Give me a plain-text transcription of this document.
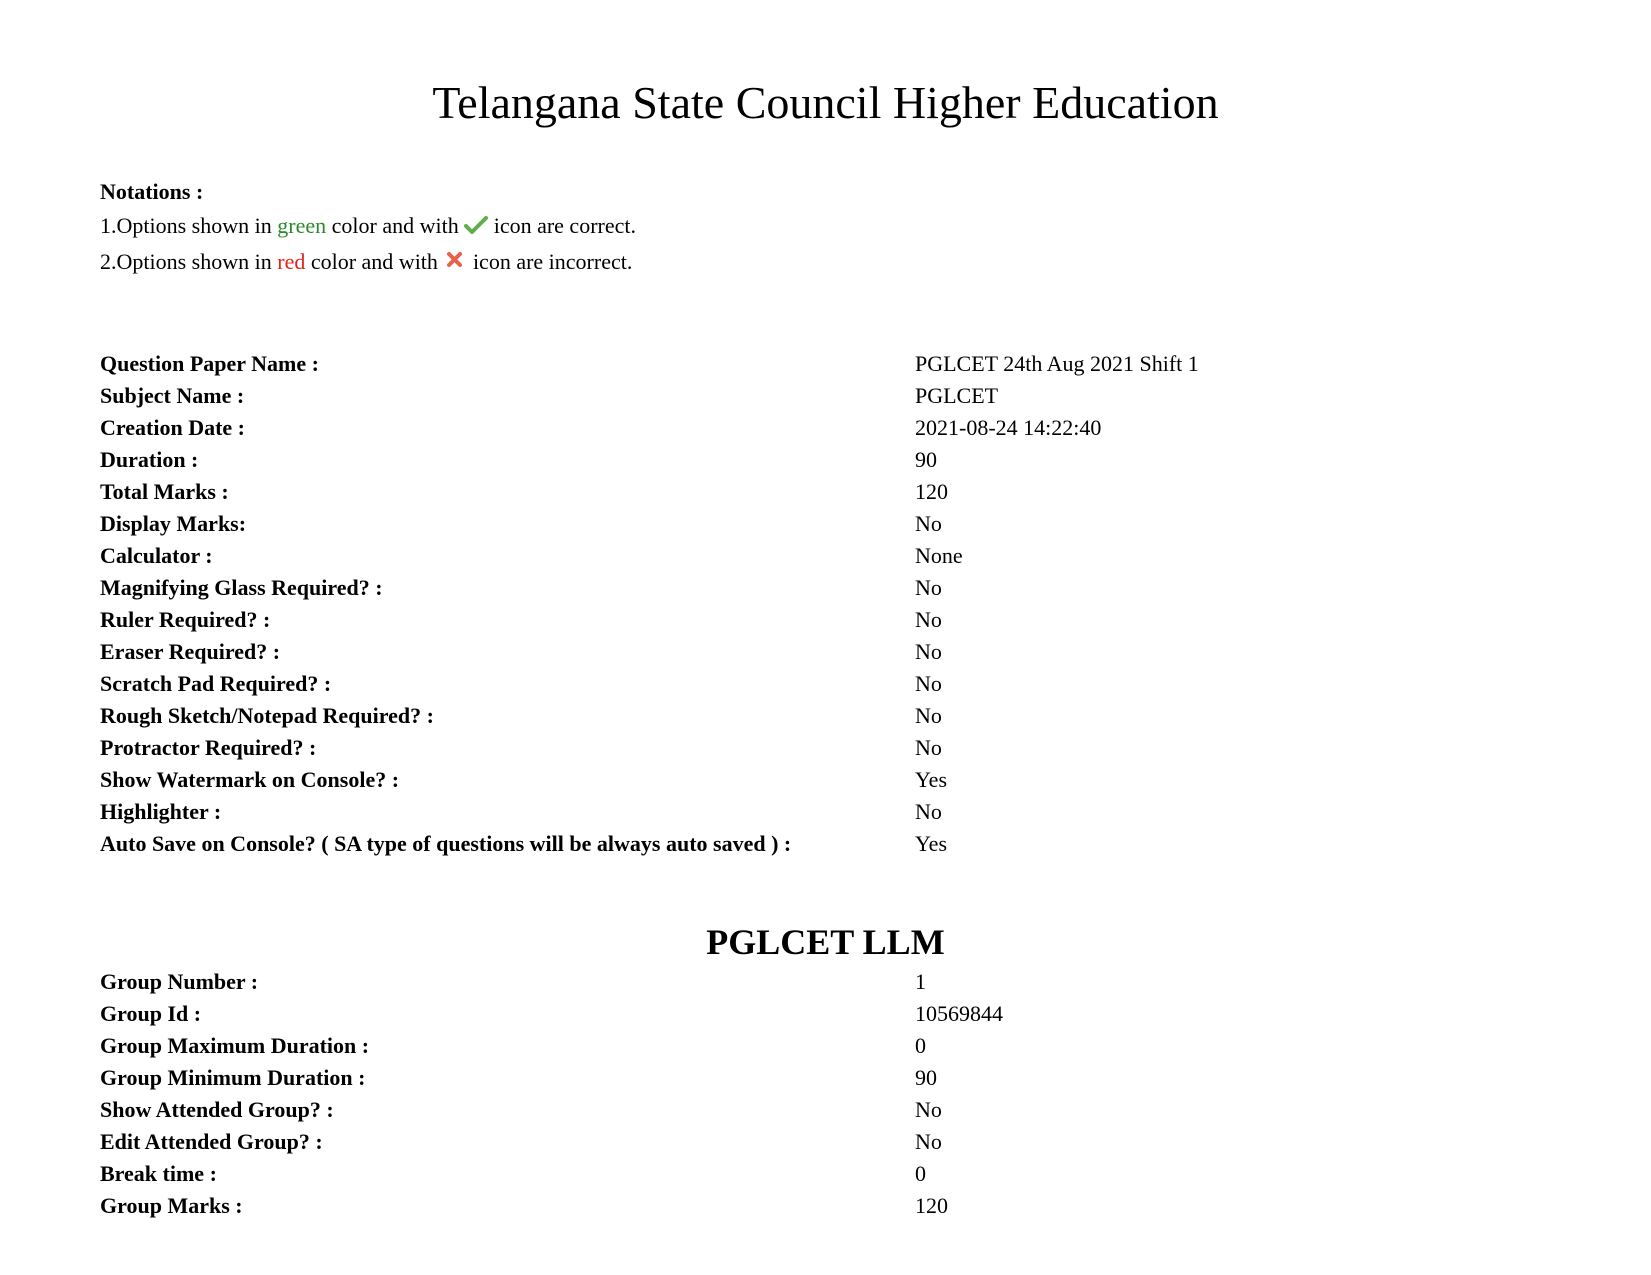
Telangana State Council Higher Education
Notations :
1.Options shown in green color and with  icon are correct.
2.Options shown in red color and with  icon are incorrect.
Question Paper Name :	PGLCET 24th Aug 2021 Shift 1
Subject Name :	PGLCET
Creation Date :	2021-08-24 14:22:40
Duration :	90
Total Marks :	120
Display Marks:	No
Calculator :	None
Magnifying Glass Required? :	No
Ruler Required? :	No
Eraser Required? :	No
Scratch Pad Required? :	No
Rough Sketch/Notepad Required? :	No
Protractor Required? :	No
Show Watermark on Console? :	Yes
Highlighter :	No
Auto Save on Console? ( SA type of questions will be always auto saved ) :	Yes
PGLCET LLM
Group Number :	1
Group Id :	10569844
Group Maximum Duration :	0
Group Minimum Duration :	90
Show Attended Group? :	No
Edit Attended Group? :	No
Break time :	0
Group Marks :	120
